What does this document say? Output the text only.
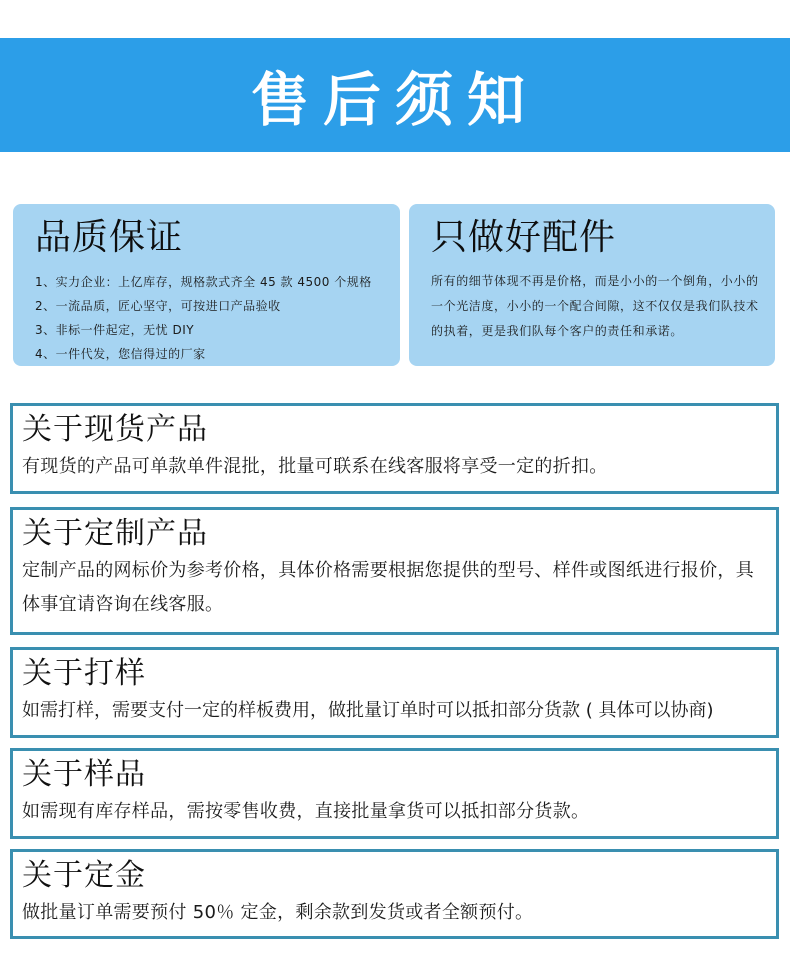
售后须知
品质保证
1、实力企业：上亿库存，规格款式齐全 45 款 4500 个规格
2、一流品质，匠心坚守，可按进口产品验收
3、非标一件起定，无忧 DIY
4、一件代发，您信得过的厂家
只做好配件

所有的细节体现不再是价格，而是小小的一个倒角，小小的一个光洁度，小小的一个配合间隙，这不仅仅是我们队技术的执着，更是我们队每个客户的责任和承诺。

关于现货产品
有现货的产品可单款单件混批，批量可联系在线客服将享受一定的折扣。
关于定制产品
定制产品的网标价为参考价格，具体价格需要根据您提供的型号、样件或图纸进行报价，具体事宜请咨询在线客服。
关于打样
如需打样，需要支付一定的样板费用，做批量订单时可以抵扣部分货款 ( 具体可以协商)
关于样品
如需现有库存样品，需按零售收费，直接批量拿货可以抵扣部分货款。
关于定金
做批量订单需要预付 50％ 定金，剩余款到发货或者全额预付。
